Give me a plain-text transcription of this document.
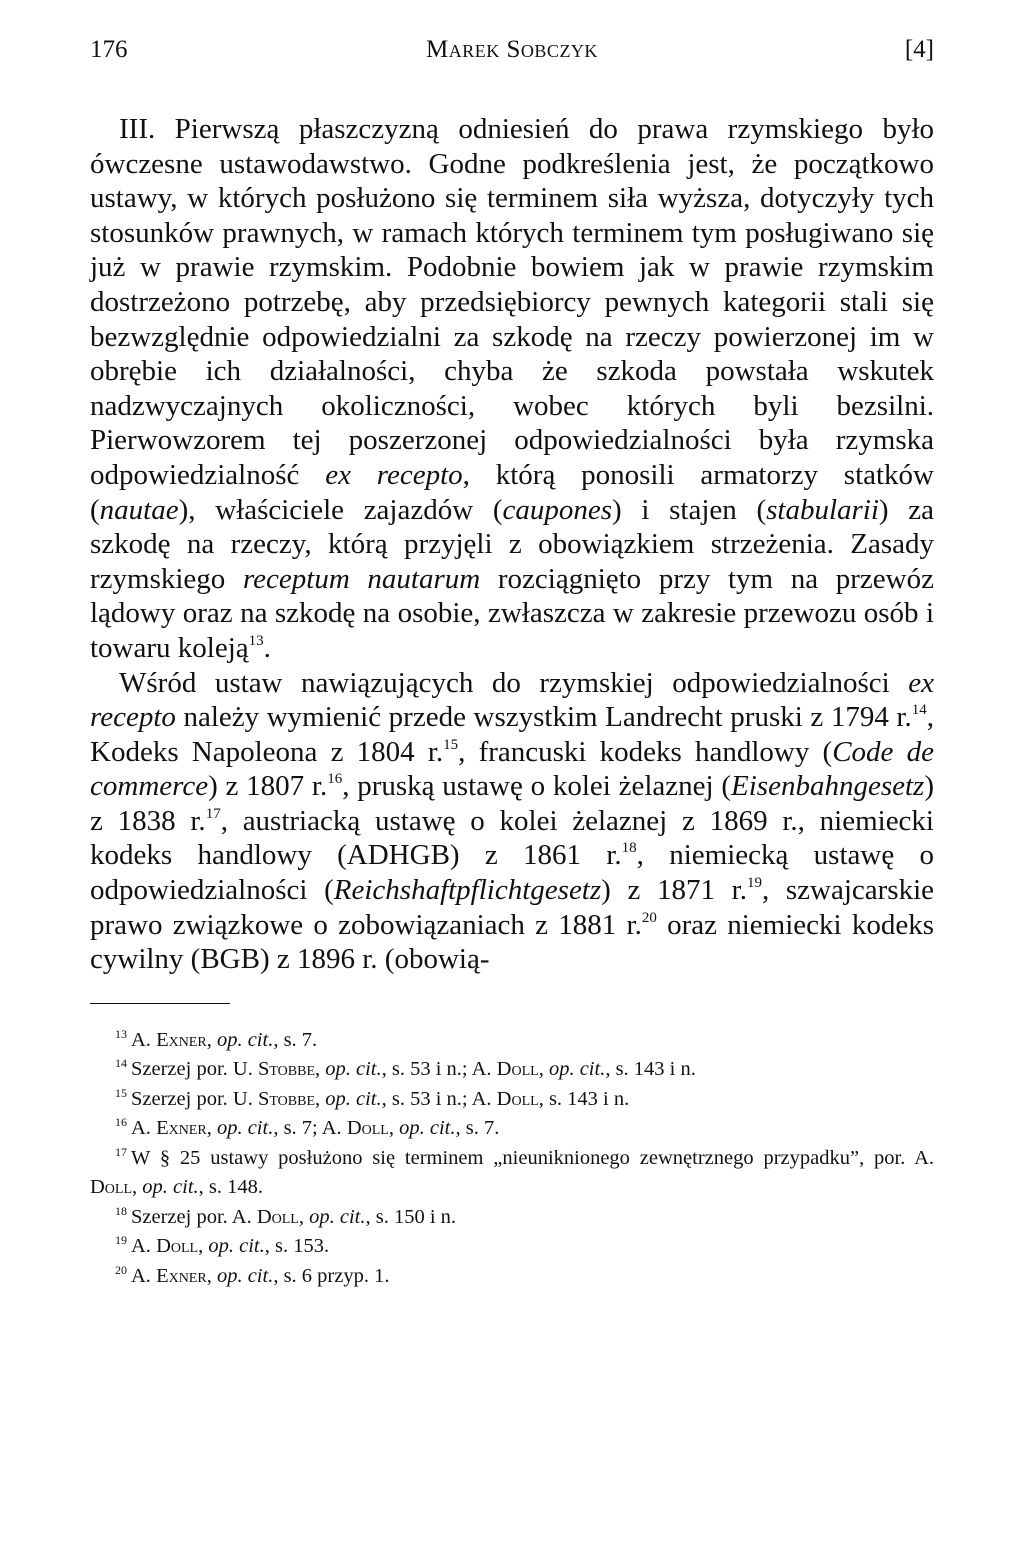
176	Marek Sobczyk	[4]

III. Pierwszą płaszczyzną odniesień do prawa rzymskiego było ówczesne ustawodawstwo. Godne podkreślenia jest, że początkowo ustawy, w których posłużono się terminem siła wyższa, dotyczyły tych stosunków prawnych, w ramach których terminem tym posługiwano się już w prawie rzymskim. Podobnie bowiem jak w prawie rzymskim dostrzeżono potrzebę, aby przedsiębiorcy pewnych kategorii stali się bezwzględnie odpowiedzialni za szkodę na rzeczy powierzonej im w obrębie ich działalności, chyba że szkoda powstała wskutek nadzwyczajnych okoliczności, wobec których byli bezsilni. Pierwowzorem tej poszerzonej odpowiedzialności była rzymska odpowiedzialność ex recepto, którą ponosili armatorzy statków (nautae), właściciele zajazdów (caupones) i stajen (stabularii) za szkodę na rzeczy, którą przyjęli z obowiązkiem strzeżenia. Zasady rzymskiego receptum nautarum rozciągnięto przy tym na przewóz lądowy oraz na szkodę na osobie, zwłaszcza w zakresie przewozu osób i towaru koleją$^{13}$.

Wśród ustaw nawiązujących do rzymskiej odpowiedzialności ex recepto należy wymienić przede wszystkim Landrecht pruski z 1794 r.$^{14}$, Kodeks Napoleona z 1804 r.$^{15}$, francuski kodeks handlowy (Code de commerce) z 1807 r.$^{16}$, pruską ustawę o kolei żelaznej (Eisenbahngesetz) z 1838 r.$^{17}$, austriacką ustawę o kolei żelaznej z 1869 r., niemiecki kodeks handlowy (ADHGB) z 1861 r.$^{18}$, niemiecką ustawę o odpowiedzialności (Reichshaftpflichtgesetz) z 1871 r.$^{19}$, szwajcarskie prawo związkowe o zobowiązaniach z 1881 r.$^{20}$ oraz niemiecki kodeks cywilny (BGB) z 1896 r. (obowią-

$^{13}$ A. Exner, op. cit., s. 7.

$^{14}$ Szerzej por. U. Stobbe, op. cit., s. 53 i n.; A. Doll, op. cit., s. 143 i n.

$^{15}$ Szerzej por. U. Stobbe, op. cit., s. 53 i n.; A. Doll, s. 143 i n.

$^{16}$ A. Exner, op. cit., s. 7; A. Doll, op. cit., s. 7.

$^{17}$ W § 25 ustawy posłużono się terminem „nieuniknionego zewnętrznego przypadku”, por. A. Doll, op. cit., s. 148.

$^{18}$ Szerzej por. A. Doll, op. cit., s. 150 i n.

$^{19}$ A. Doll, op. cit., s. 153.

$^{20}$ A. Exner, op. cit., s. 6 przyp. 1.
